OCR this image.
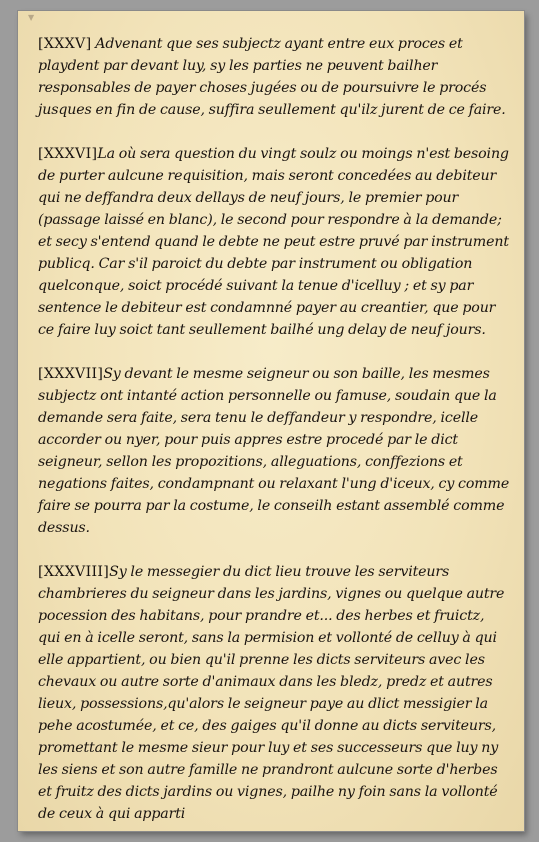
▼

[XXXV] Advenant que ses subjectz ayant entre eux proces et playdent par devant luy, sy les parties ne peuvent bailher responsables de payer choses jugées ou de poursuivre le procés jusques en fin de cause, suffira seullement qu'ilz jurent de ce faire.

[XXXVI]La où sera question du vingt soulz ou moings n'est besoing de purter aulcune requisition, mais seront concedées au debiteur qui ne deffandra deux dellays de neuf jours, le premier pour (passage laissé en blanc), le second pour respondre à la demande; et secy s'entend quand le debte ne peut estre pruvé par instrument publicq. Car s'il paroict du debte par instrument ou obligation quelconque, soict procédé suivant la tenue d'icelluy ; et sy par sentence le debiteur est condamnné payer au creantier, que pour ce faire luy soict tant seullement bailhé ung delay de neuf jours.

[XXXVII]Sy devant le mesme seigneur ou son baille, les mesmes subjectz ont intanté action personnelle ou famuse, soudain que la demande sera faite, sera tenu le deffandeur y respondre, icelle accorder ou nyer, pour puis appres estre procedé par le dict seigneur, sellon les propozitions, alleguations, conffezions et negations faites, condampnant ou relaxant l'ung d'iceux, cy comme faire se pourra par la costume, le conseilh estant assemblé comme dessus.

[XXXVIII]Sy le messegier du dict lieu trouve les serviteurs chambrieres du seigneur dans les jardins, vignes ou quelque autre pocession des habitans, pour prandre et... des herbes et fruictz, qui en à icelle seront, sans la permision et vollonté de celluy à qui elle appartient, ou bien qu'il prenne les dicts serviteurs avec les chevaux ou autre sorte d'animaux dans les bledz, predz et autres lieux, possessions,qu'alors le seigneur paye au dlict messigier la pehe acostumée, et ce, des gaiges qu'il donne au dicts serviteurs, promettant le mesme sieur pour luy et ses successeurs que luy ny les siens et son autre famille ne prandront aulcune sorte d'herbes et fruitz des dicts jardins ou vignes, pailhe ny foin sans la vollonté de ceux à qui apparti
